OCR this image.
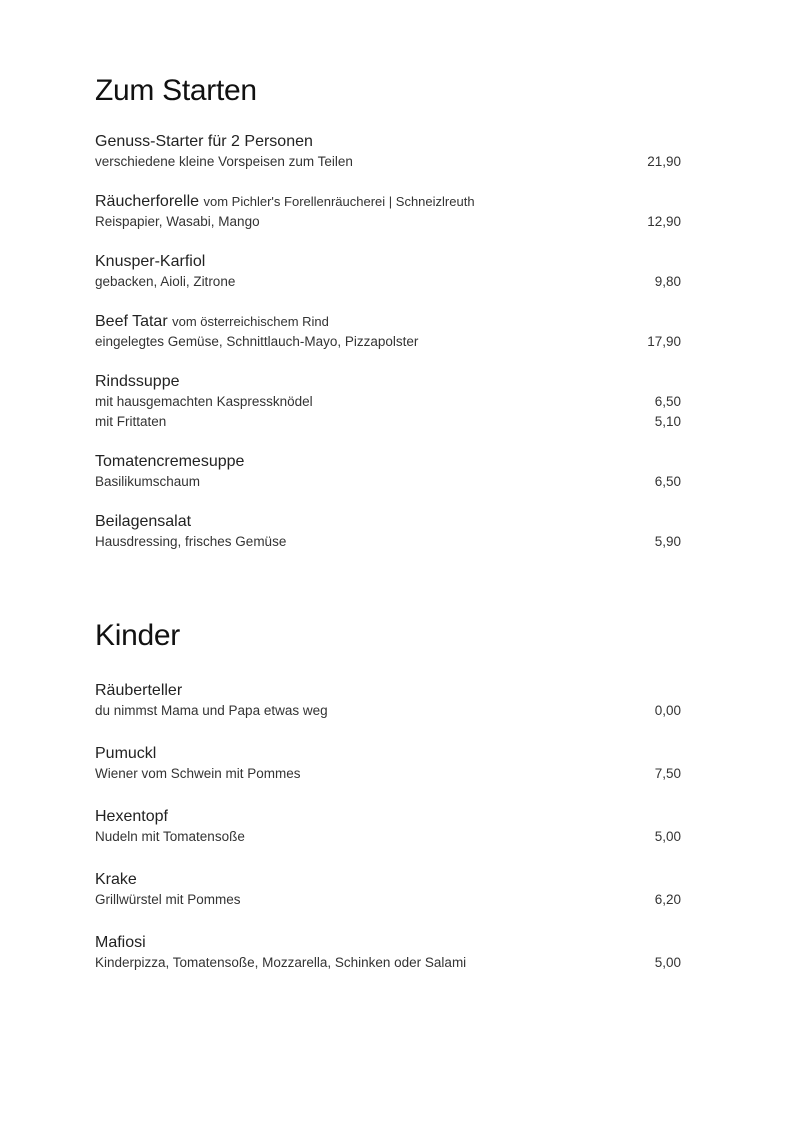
Zum Starten
Genuss-Starter für 2 Personen
verschiedene kleine Vorspeisen zum Teilen	21,90
Räucherforelle vom Pichler's Forellenräucherei | Schneizlreuth
Reispapier, Wasabi, Mango	12,90
Knusper-Karfiol
gebacken, Aioli, Zitrone	9,80
Beef Tatar vom österreichischem Rind
eingelegtes Gemüse, Schnittlauch-Mayo, Pizzapolster	17,90
Rindssuppe
mit hausgemachten Kaspressknödel	6,50
mit Frittaten	5,10
Tomatencremesuppe
Basilikumschaum	6,50
Beilagensalat
Hausdressing, frisches Gemüse	5,90
Kinder
Räuberteller
du nimmst Mama und Papa etwas weg	0,00
Pumuckl
Wiener vom Schwein mit Pommes	7,50
Hexentopf
Nudeln mit Tomatensoße	5,00
Krake
Grillwürstel mit Pommes	6,20
Mafiosi
Kinderpizza, Tomatensoße, Mozzarella, Schinken oder Salami	5,00
